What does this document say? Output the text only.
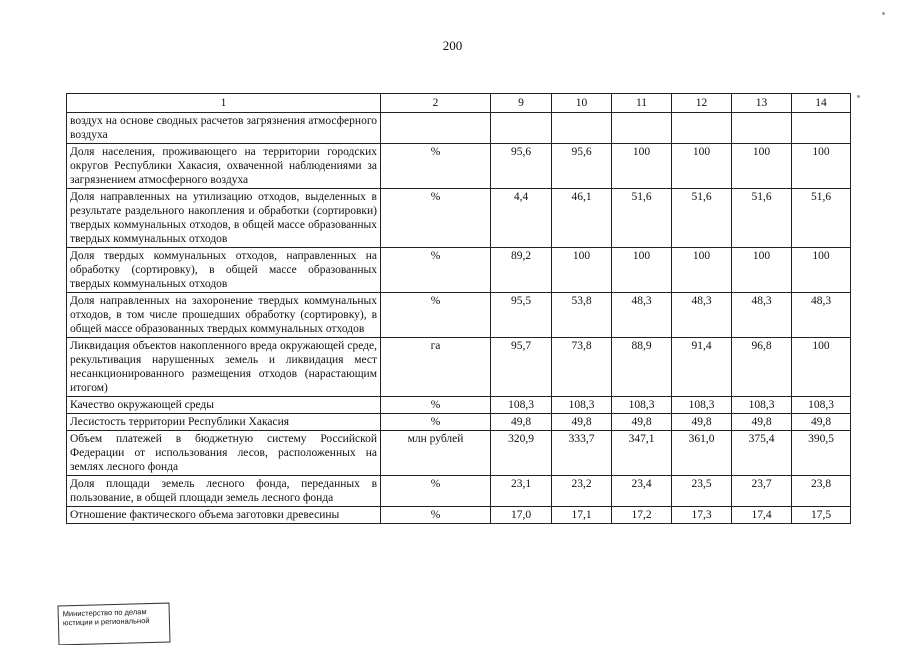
200
1	2	9	10	11	12	13	14
воздух на основе сводных расчетов загрязнения атмосферного воздуха							
Доля населения, проживающего на территории городских округов Республики Хакасия, охваченной наблюдениями за загрязнением атмосферного воздуха	%	95,6	95,6	100	100	100	100
Доля направленных на утилизацию отходов, выделенных в результате раздельного накопления и обработки (сортировки) твердых коммунальных отходов, в общей массе образованных твердых коммунальных отходов	%	4,4	46,1	51,6	51,6	51,6	51,6
Доля твердых коммунальных отходов, направленных на обработку (сортировку), в общей массе образованных твердых коммунальных отходов	%	89,2	100	100	100	100	100
Доля направленных на захоронение твердых коммунальных отходов, в том числе прошедших обработку (сортировку), в общей массе образованных твердых коммунальных отходов	%	95,5	53,8	48,3	48,3	48,3	48,3
Ликвидация объектов накопленного вреда окружающей среде, рекультивация нарушенных земель и ликвидация мест несанкционированного размещения отходов (нарастающим итогом)	га	95,7	73,8	88,9	91,4	96,8	100
Качество окружающей среды	%	108,3	108,3	108,3	108,3	108,3	108,3
Лесистость территории Республики Хакасия	%	49,8	49,8	49,8	49,8	49,8	49,8
Объем платежей в бюджетную систему Российской Федерации от использования лесов, расположенных на землях лесного фонда	млн рублей	320,9	333,7	347,1	361,0	375,4	390,5
Доля площади земель лесного фонда, переданных в пользование, в общей площади земель лесного фонда	%	23,1	23,2	23,4	23,5	23,7	23,8
Отношение фактического объема заготовки древесины	%	17,0	17,1	17,2	17,3	17,4	17,5
Министерство по делам
юстиции и региональной
